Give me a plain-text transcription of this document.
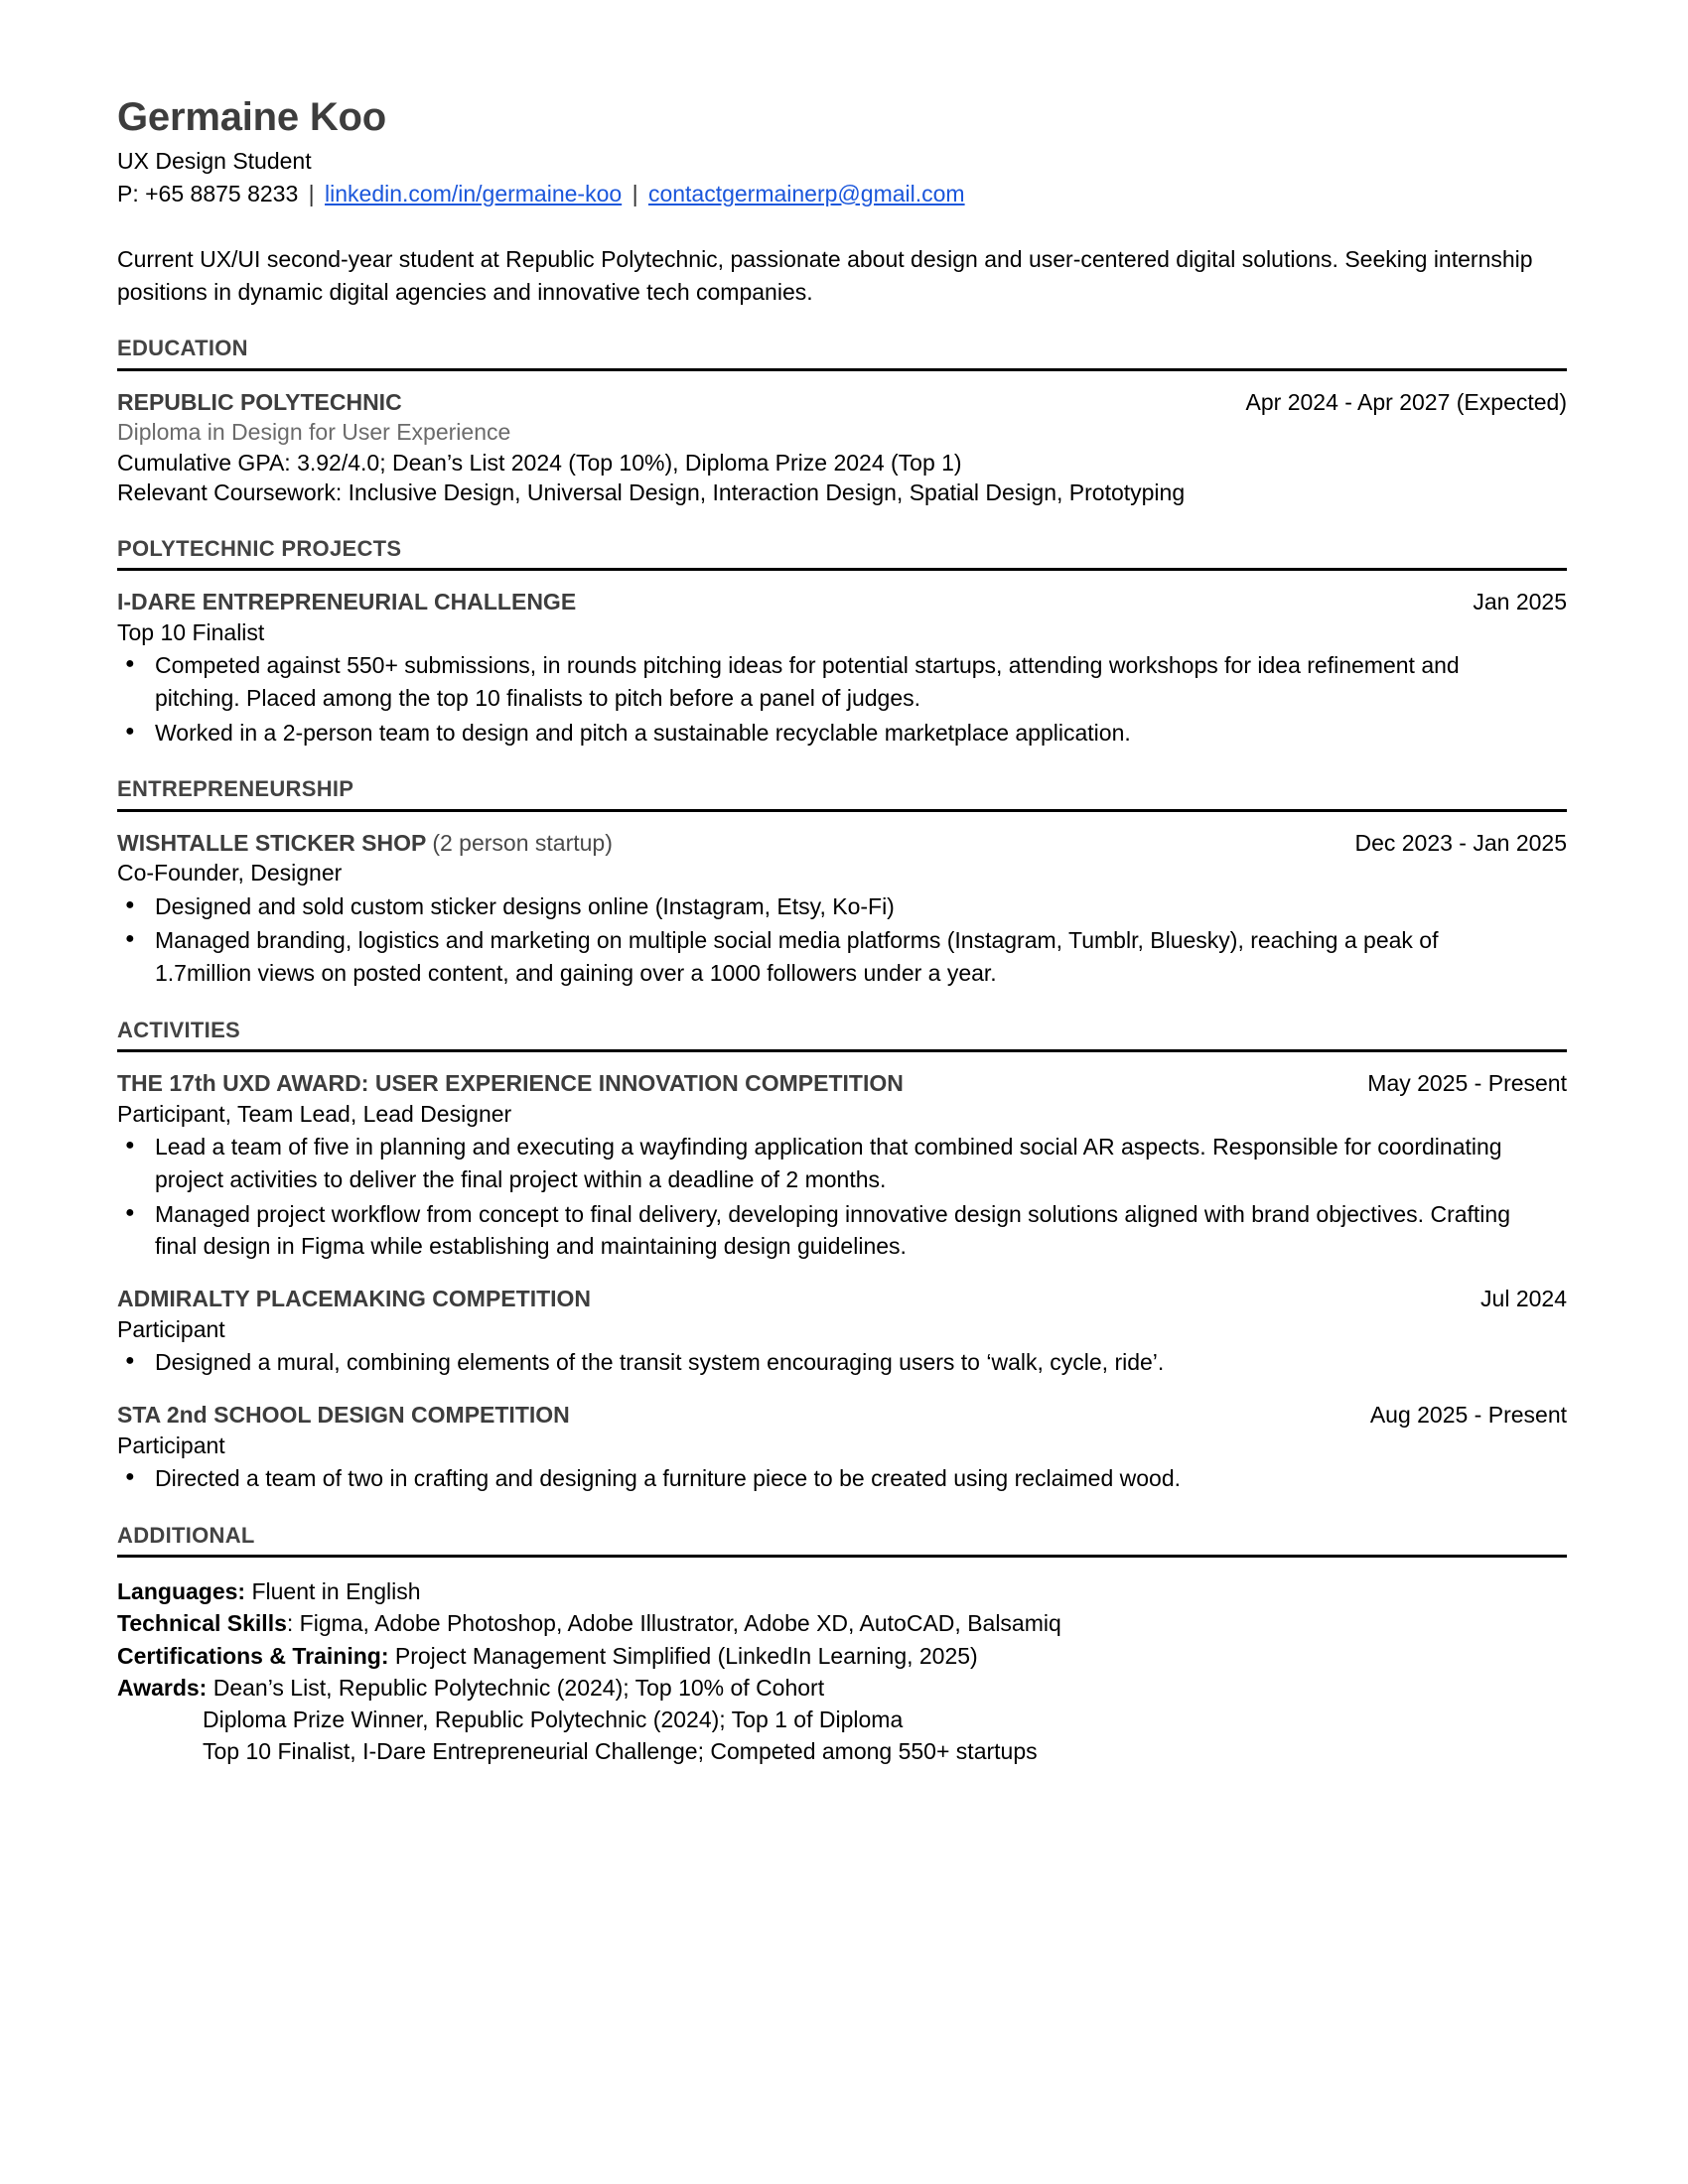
Germaine Koo
UX Design Student
P: +65 8875 8233 | linkedin.com/in/germaine-koo | contactgermainerp@gmail.com
Current UX/UI second-year student at Republic Polytechnic, passionate about design and user-centered digital solutions. Seeking internship positions in dynamic digital agencies and innovative tech companies.
EDUCATION
REPUBLIC POLYTECHNIC	Apr 2024 - Apr 2027 (Expected)
Diploma in Design for User Experience
Cumulative GPA: 3.92/4.0; Dean’s List 2024 (Top 10%), Diploma Prize 2024 (Top 1)
Relevant Coursework: Inclusive Design, Universal Design, Interaction Design, Spatial Design, Prototyping
POLYTECHNIC PROJECTS
I-DARE ENTREPRENEURIAL CHALLENGE	Jan 2025
Top 10 Finalist
● Competed against 550+ submissions, in rounds pitching ideas for potential startups, attending workshops for idea refinement and pitching. Placed among the top 10 finalists to pitch before a panel of judges.
● Worked in a 2-person team to design and pitch a sustainable recyclable marketplace application.
ENTREPRENEURSHIP
WISHTALLE STICKER SHOP (2 person startup)	Dec 2023 - Jan 2025
Co-Founder, Designer
● Designed and sold custom sticker designs online (Instagram, Etsy, Ko-Fi)
● Managed branding, logistics and marketing on multiple social media platforms (Instagram, Tumblr, Bluesky), reaching a peak of 1.7million views on posted content, and gaining over a 1000 followers under a year.
ACTIVITIES
THE 17th UXD AWARD: USER EXPERIENCE INNOVATION COMPETITION	May 2025 - Present
Participant, Team Lead, Lead Designer
● Lead a team of five in planning and executing a wayfinding application that combined social AR aspects. Responsible for coordinating project activities to deliver the final project within a deadline of 2 months.
● Managed project workflow from concept to final delivery, developing innovative design solutions aligned with brand objectives. Crafting final design in Figma while establishing and maintaining design guidelines.
ADMIRALTY PLACEMAKING COMPETITION	Jul 2024
Participant
● Designed a mural, combining elements of the transit system encouraging users to ‘walk, cycle, ride’.
STA 2nd SCHOOL DESIGN COMPETITION	Aug 2025 - Present
Participant
● Directed a team of two in crafting and designing a furniture piece to be created using reclaimed wood.
ADDITIONAL
Languages: Fluent in English
Technical Skills: Figma, Adobe Photoshop, Adobe Illustrator, Adobe XD, AutoCAD, Balsamiq
Certifications & Training: Project Management Simplified (LinkedIn Learning, 2025)
Awards: Dean’s List, Republic Polytechnic (2024); Top 10% of Cohort
Diploma Prize Winner, Republic Polytechnic (2024); Top 1 of Diploma
Top 10 Finalist, I-Dare Entrepreneurial Challenge; Competed among 550+ startups
